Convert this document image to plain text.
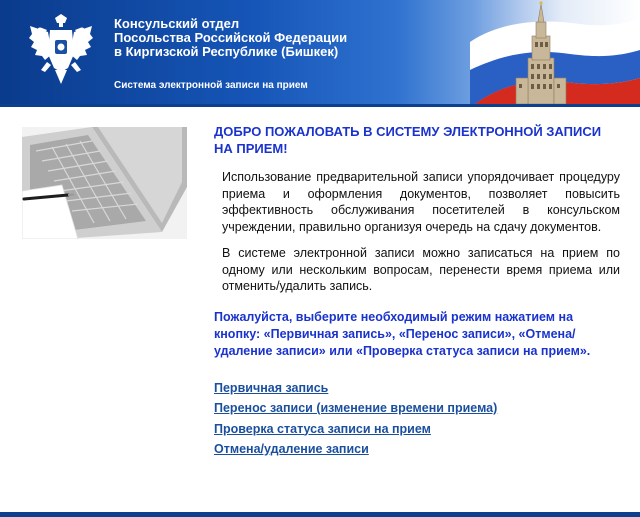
Консульский отдел
Посольства Российской Федерации
в Киргизской Республике (Бишкек)
Система электронной записи на прием
ДОБРО ПОЖАЛОВАТЬ В СИСТЕМУ ЭЛЕКТРОННОЙ ЗАПИСИ НА ПРИЕМ!

Использование предварительной записи упорядочивает процедуру приема и оформления документов, позволяет повысить эффективность обслуживания посетителей в консульском учреждении, правильно организуя очередь на сдачу документов.

В системе электронной записи можно записаться на прием по одному или нескольким вопросам, перенести время приема или отменить/удалить запись.

Пожалуйста, выберите необходимый режим нажатием на кнопку: «Первичная запись», «Перенос записи», «Отмена/удаление записи» или «Проверка статуса записи на прием».
Первичная запись
Перенос записи (изменение времени приема)
Проверка статуса записи на прием
Отмена/удаление записи
